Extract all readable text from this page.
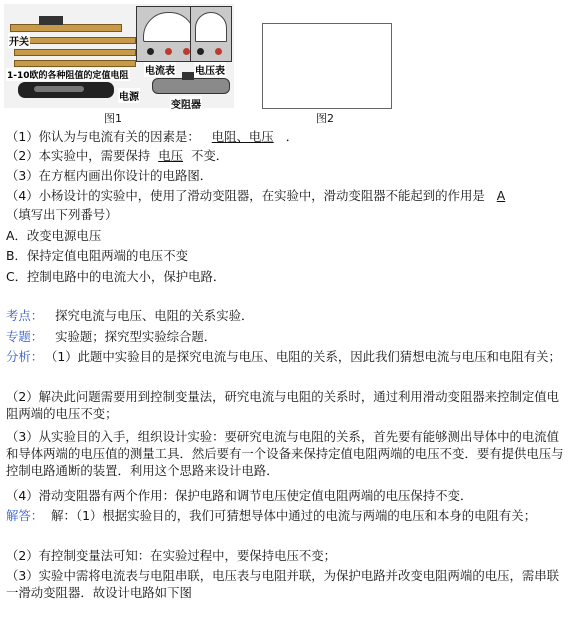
开关
1-10欧的各种阻值的定值电阻
电源
电流表 电压表
变阻器
图1	图2
（1）你认为与电流有关的因素是： 电阻、电压 ．
（2）本实验中，需要保持 电压 不变．
（3）在方框内画出你设计的电路图．
（4）小杨设计的实验中，使用了滑动变阻器，在实验中，滑动变阻器不能起到的作用是 A
（填写出下列番号）
A．改变电源电压
B．保持定值电阻两端的电压不变
C．控制电路中的电流大小，保护电路．
考点： 探究电流与电压、电阻的关系实验．
专题： 实验题；探究型实验综合题．
分析： （1）此题中实验目的是探究电流与电压、电阻的关系，因此我们猜想电流与电压和电阻有关；
（2）解决此问题需要用到控制变量法，研究电流与电阻的关系时，通过利用滑动变阻器来控制定值电阻两端的电压不变；
（3）从实验目的入手，组织设计实验：要研究电流与电阻的关系，首先要有能够测出导体中的电流值和导体两端的电压值的测量工具．然后要有一个设备来保持定值电阻两端的电压不变．要有提供电压与控制电路通断的装置．利用这个思路来设计电路．
（4）滑动变阻器有两个作用：保护电路和调节电压使定值电阻两端的电压保持不变．
解答： 解：（1）根据实验目的，我们可猜想导体中通过的电流与两端的电压和本身的电阻有关；
（2）有控制变量法可知：在实验过程中，要保持电压不变；
（3）实验中需将电流表与电阻串联，电压表与电阻并联，为保护电路并改变电阻两端的电压，需串联一滑动变阻器．故设计电路如下图
